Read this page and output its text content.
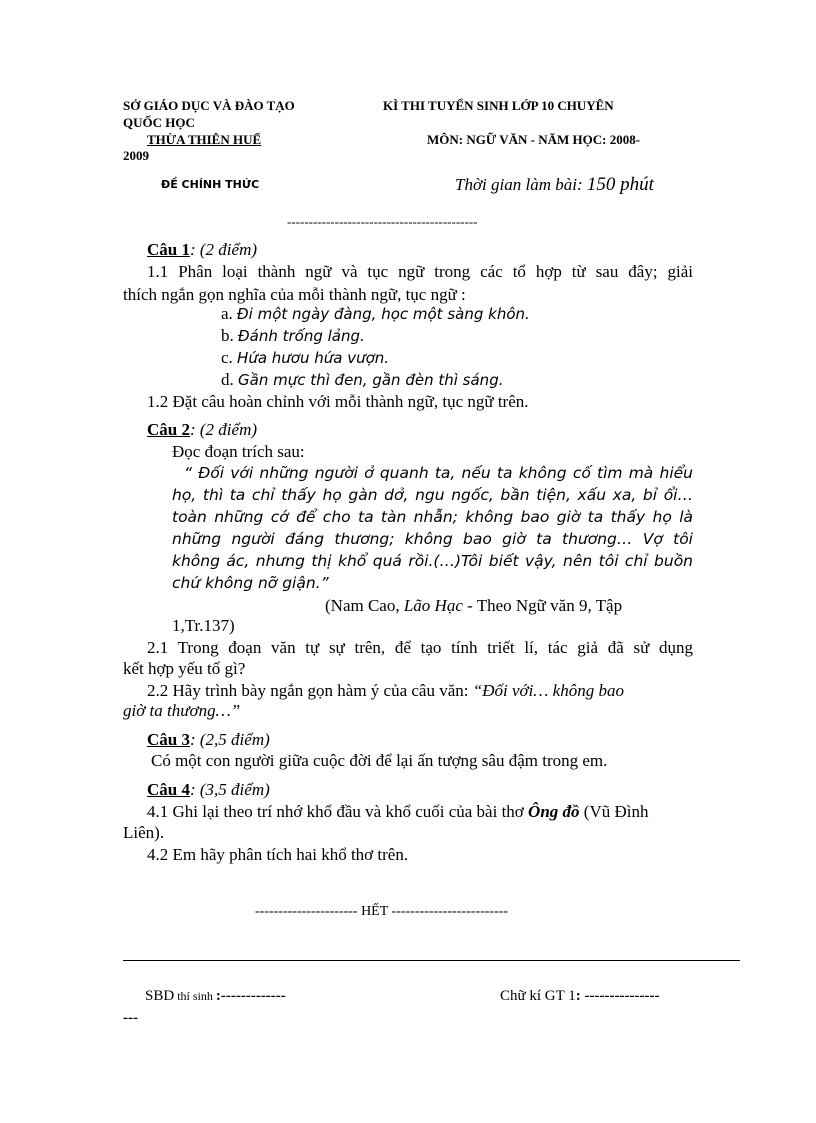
SỞ GIÁO DỤC VÀ ĐÀO TẠO	KÌ THI TUYỂN SINH LỚP 10 CHUYÊN
QUỐC HỌC
THỪA THIÊN HUẾ	MÔN: NGỮ VĂN - NĂM HỌC: 2008-
2009
ĐỀ CHÍNH THỨC	Thời gian làm bài: 150 phút
--------------------------------------------
Câu 1: (2 điểm)
1.1 Phân loại thành ngữ và tục ngữ trong các tổ hợp từ sau đây; giải
thích ngắn gọn nghĩa của mỗi thành ngữ, tục ngữ :
a. Đi một ngày đàng, học một sàng khôn.
b. Đánh trống lảng.
c. Hứa hươu hứa vượn.
d. Gần mực thì đen, gần đèn thì sáng.
1.2 Đặt câu hoàn chỉnh với mỗi thành ngữ, tục ngữ trên.
Câu 2: (2 điểm)
Đọc đoạn trích sau:
“ Đối với những người ở quanh ta, nếu ta không cố tìm mà hiểu
họ, thì ta chỉ thấy họ gàn dở, ngu ngốc, bần tiện, xấu xa, bỉ ổi…
toàn những cớ để cho ta tàn nhẫn; không bao giờ ta thấy họ là
những người đáng thương; không bao giờ ta thương… Vợ tôi
không ác, nhưng thị khổ quá rồi.(…)Tôi biết vậy, nên tôi chỉ buồn
chứ không nỡ giận.”
(Nam Cao, Lão Hạc - Theo Ngữ văn 9, Tập
1,Tr.137)
2.1 Trong đoạn văn tự sự trên, để tạo tính triết lí, tác giả đã sử dụng
kết hợp yếu tố gì?
2.2 Hãy trình bày ngắn gọn hàm ý của câu văn: “Đối với… không bao
giờ ta thương…”
Câu 3: (2,5 điểm)
Có một con người giữa cuộc đời để lại ấn tượng sâu đậm trong em.
Câu 4: (3,5 điểm)
4.1 Ghi lại theo trí nhớ khổ đầu và khổ cuối của bài thơ Ông đồ (Vũ Đình
Liên).
4.2 Em hãy phân tích hai khổ thơ trên.
---------------------- HẾT -------------------------
SBD thí sinh :-------------	Chữ kí GT 1: ---------------
---
